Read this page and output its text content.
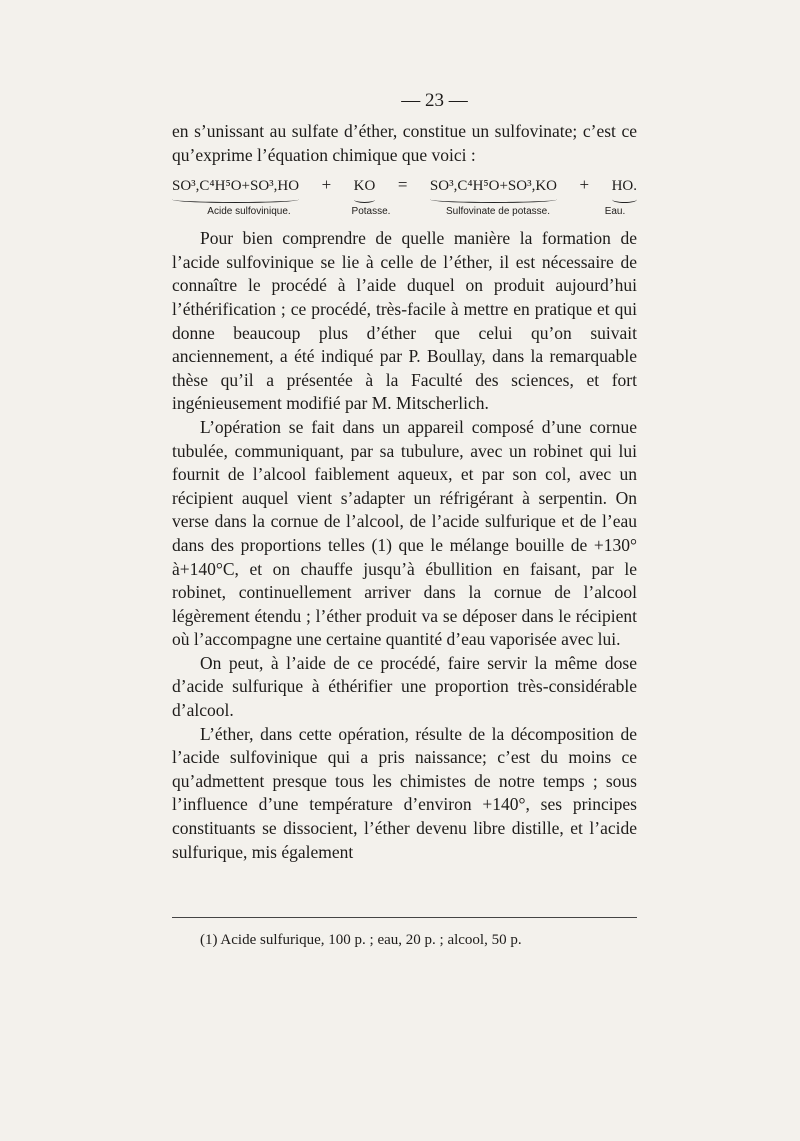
— 23 —

en s’unissant au sulfate d’éther, constitue un sulfovinate; c’est ce qu’exprime l’équation chimique que voici :

SO³,C⁴H⁵O+SO³,HO + KO = SO³,C⁴H⁵O+SO³,KO + HO.
Acide sulfovinique.	Potasse.	Sulfovinate de potasse.	Eau.

Pour bien comprendre de quelle manière la formation de l’acide sulfovinique se lie à celle de l’éther, il est nécessaire de connaître le procédé à l’aide duquel on produit aujourd’hui l’éthérification ; ce procédé, très-facile à mettre en pratique et qui donne beaucoup plus d’éther que celui qu’on suivait anciennement, a été indiqué par P. Boullay, dans la remarquable thèse qu’il a présentée à la Faculté des sciences, et fort ingénieusement modifié par M. Mitscherlich.

L’opération se fait dans un appareil composé d’une cornue tubulée, communiquant, par sa tubulure, avec un robinet qui lui fournit de l’alcool faiblement aqueux, et par son col, avec un récipient auquel vient s’adapter un réfrigérant à serpentin. On verse dans la cornue de l’alcool, de l’acide sulfurique et de l’eau dans des proportions telles (1) que le mélange bouille de +130° à+140°C, et on chauffe jusqu’à ébullition en faisant, par le robinet, continuellement arriver dans la cornue de l’alcool légèrement étendu ; l’éther produit va se déposer dans le récipient où l’accompagne une certaine quantité d’eau vaporisée avec lui.

On peut, à l’aide de ce procédé, faire servir la même dose d’acide sulfurique à éthérifier une proportion très-considérable d’alcool.

L’éther, dans cette opération, résulte de la décomposition de l’acide sulfovinique qui a pris naissance; c’est du moins ce qu’admettent presque tous les chimistes de notre temps ; sous l’influence d’une température d’environ +140°, ses principes constituants se dissocient, l’éther devenu libre distille, et l’acide sulfurique, mis également

(1) Acide sulfurique, 100 p. ; eau, 20 p. ; alcool, 50 p.
